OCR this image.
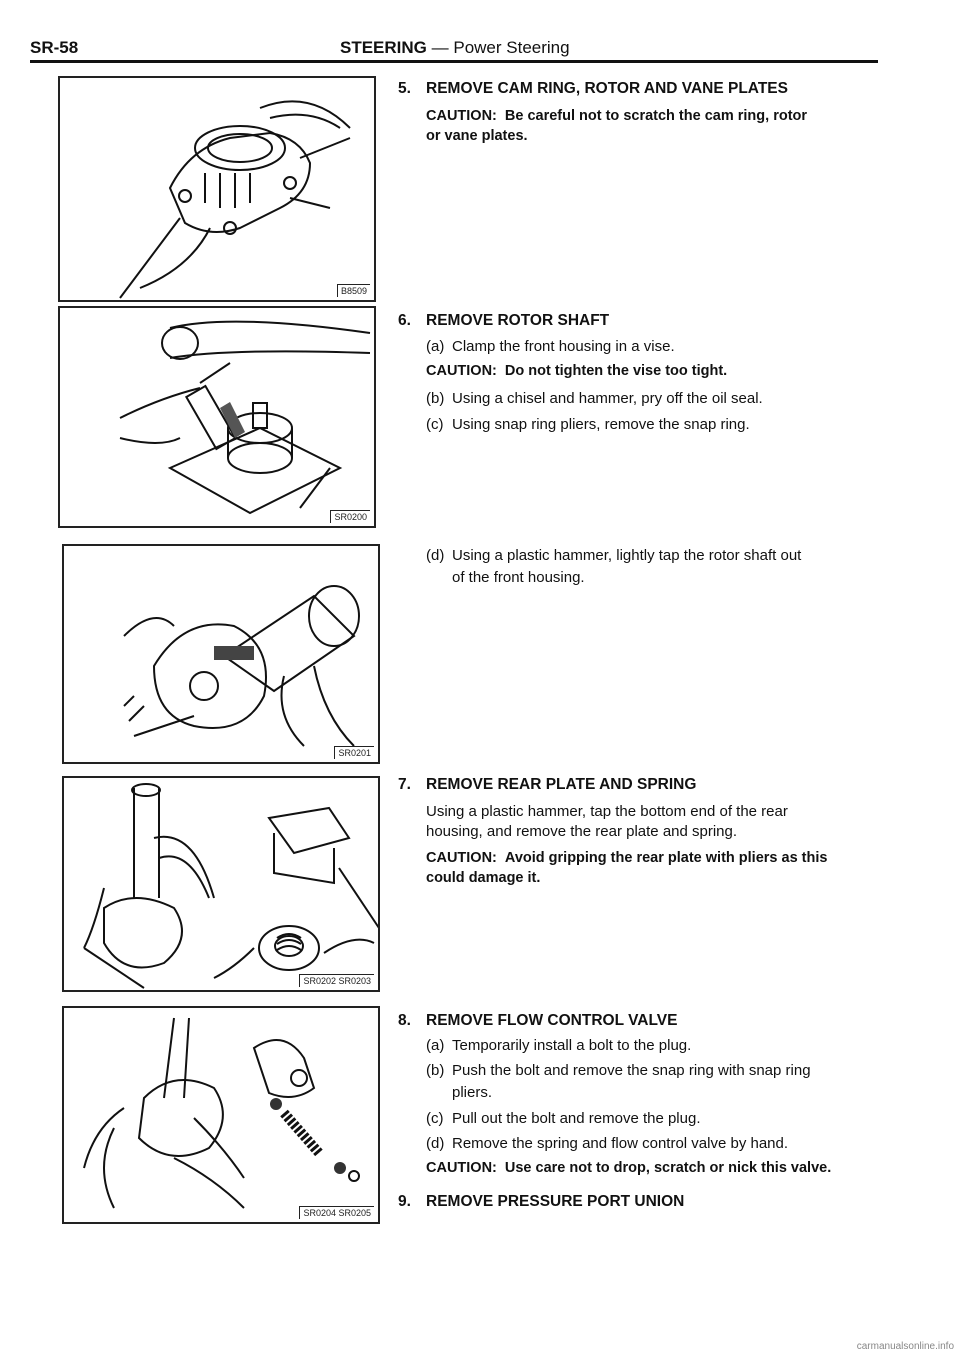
SR-58	STEERING — Power Steering
B8509
SR0200
SR0201
SR0202 SR0203
SR0204 SR0205
5. REMOVE CAM RING, ROTOR AND VANE PLATES
CAUTION: Be careful not to scratch the cam ring, rotor
or vane plates.
6. REMOVE ROTOR SHAFT
(a) Clamp the front housing in a vise.
CAUTION: Do not tighten the vise too tight.
(b) Using a chisel and hammer, pry off the oil seal.
(c) Using snap ring pliers, remove the snap ring.
(d) Using a plastic hammer, lightly tap the rotor shaft out
of the front housing.
7. REMOVE REAR PLATE AND SPRING
Using a plastic hammer, tap the bottom end of the rear
housing, and remove the rear plate and spring.
CAUTION: Avoid gripping the rear plate with pliers as this
could damage it.
8. REMOVE FLOW CONTROL VALVE
(a) Temporarily install a bolt to the plug.
(b) Push the bolt and remove the snap ring with snap ring
pliers.
(c) Pull out the bolt and remove the plug.
(d) Remove the spring and flow control valve by hand.
CAUTION: Use care not to drop, scratch or nick this valve.
9. REMOVE PRESSURE PORT UNION
carmanualsonline.info
